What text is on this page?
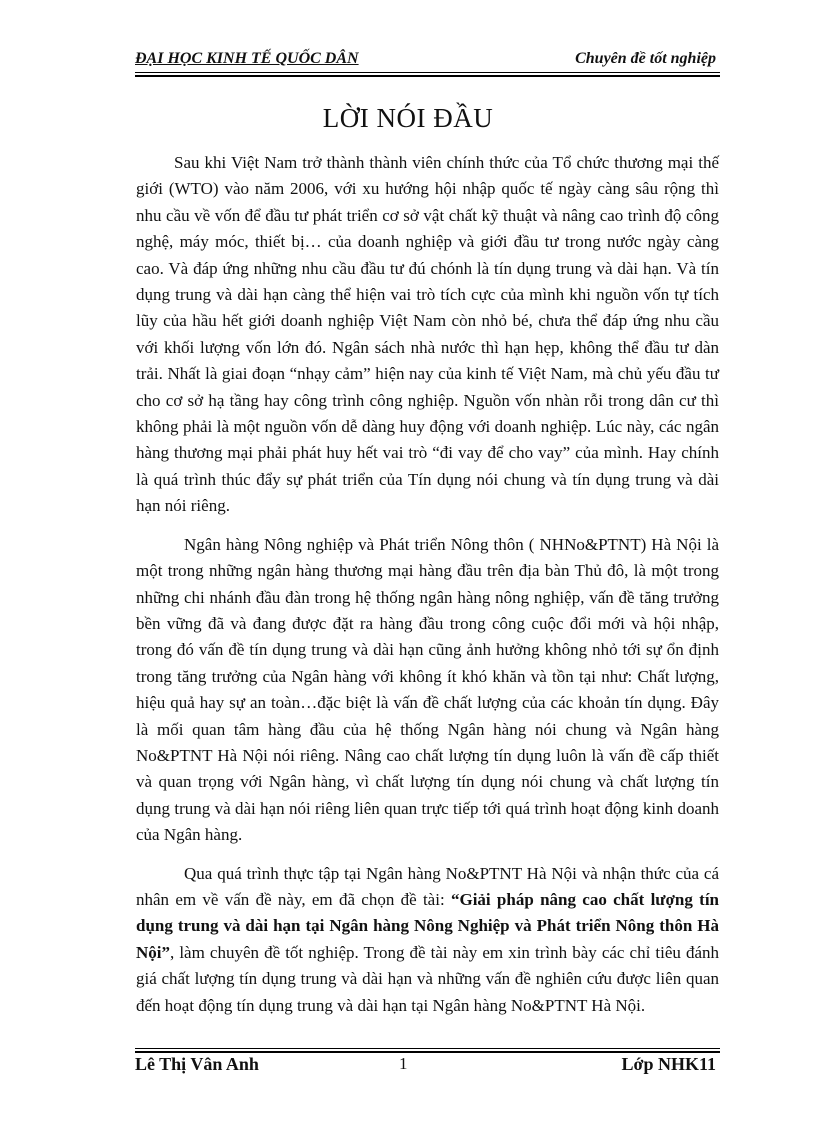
ĐẠI HỌC KINH TẾ QUỐC DÂN	Chuyên đề tốt nghiệp
LỜI NÓI ĐẦU

Sau khi Việt Nam trở thành thành viên chính thức của Tổ chức thương mại thế giới (WTO) vào năm 2006, với xu hướng hội nhập quốc tế ngày càng sâu rộng thì nhu cầu về vốn để đầu tư phát triển cơ sở vật chất kỹ thuật và nâng cao trình độ công nghệ, máy móc, thiết bị… của doanh nghiệp và giới đầu tư trong nước ngày càng cao. Và đáp ứng những nhu cầu đầu tư đú chónh là tín dụng trung và dài hạn. Và tín dụng trung và dài hạn càng thể hiện vai trò tích cực của mình khi nguồn vốn tự tích lũy của hầu hết giới doanh nghiệp Việt Nam còn nhỏ bé, chưa thể đáp ứng nhu cầu với khối lượng vốn lớn đó. Ngân sách nhà nước thì hạn hẹp, không thể đầu tư dàn trải. Nhất là giai đoạn “nhạy cảm” hiện nay của kinh tế Việt Nam, mà chủ yếu đầu tư cho cơ sở hạ tầng hay công trình công nghiệp. Nguồn vốn nhàn rỗi trong dân cư thì không phải là một nguồn vốn dễ dàng huy động với doanh nghiệp. Lúc này, các ngân hàng thương mại phải phát huy hết vai trò “đi vay để cho vay” của mình. Hay chính là quá trình thúc đẩy sự phát triển của Tín dụng nói chung và tín dụng trung và dài hạn nói riêng.

Ngân hàng Nông nghiệp và Phát triển Nông thôn ( NHNo&PTNT) Hà Nội là một trong những ngân hàng thương mại hàng đầu trên địa bàn Thủ đô, là một trong những chi nhánh đầu đàn trong hệ thống ngân hàng nông nghiệp, vấn đề tăng trưởng bền vững đã và đang được đặt ra hàng đầu trong công cuộc đổi mới và hội nhập, trong đó vấn đề tín dụng trung và dài hạn cũng ảnh hưởng không nhỏ tới sự ổn định trong tăng trưởng của Ngân hàng với không ít khó khăn và tồn tại như: Chất lượng, hiệu quả hay sự an toàn…đặc biệt là vấn đề chất lượng của các khoản tín dụng. Đây là mối quan tâm hàng đầu của hệ thống Ngân hàng nói chung và Ngân hàng No&PTNT Hà Nội nói riêng. Nâng cao chất lượng tín dụng luôn là vấn đề cấp thiết và quan trọng với Ngân hàng, vì chất lượng tín dụng nói chung và chất lượng tín dụng trung và dài hạn nói riêng liên quan trực tiếp tới quá trình hoạt động kinh doanh của Ngân hàng.

Qua quá trình thực tập tại Ngân hàng No&PTNT Hà Nội và nhận thức của cá nhân em về vấn đề này, em đã chọn đề tài: “Giải pháp nâng cao chất lượng tín dụng trung và dài hạn tại Ngân hàng Nông Nghiệp và Phát triển Nông thôn Hà Nội”, làm chuyên đề tốt nghiệp. Trong đề tài này em xin trình bày các chỉ tiêu đánh giá chất lượng tín dụng trung và dài hạn và những vấn đề nghiên cứu được liên quan đến hoạt động tín dụng trung và dài hạn tại Ngân hàng No&PTNT Hà Nội.

Lê Thị Vân Anh	1	Lớp NHK11
